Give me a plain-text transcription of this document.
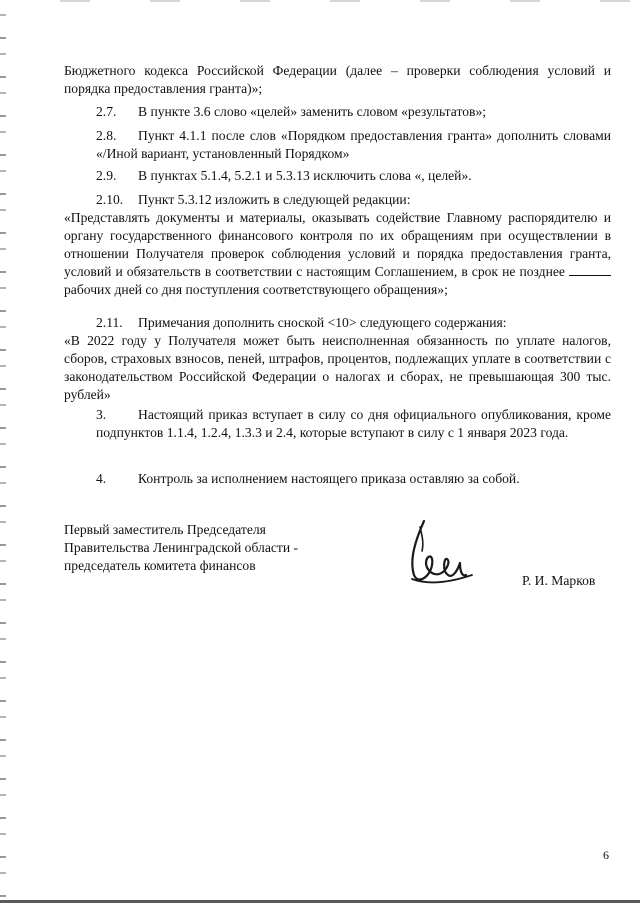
Бюджетного кодекса Российской Федерации (далее – проверки соблюдения условий и порядка предоставления гранта)»;

2.7. В пункте 3.6 слово «целей» заменить словом «результатов»;

2.8. Пункт 4.1.1 после слов «Порядком предоставления гранта» дополнить словами «/Иной вариант, установленный Порядком»

2.9. В пунктах 5.1.4, 5.2.1 и 5.3.13 исключить слова «, целей».

2.10. Пункт 5.3.12 изложить в следующей редакции:

«Представлять документы и материалы, оказывать содействие Главному распорядителю и органу государственного финансового контроля по их обращениям при осуществлении в отношении Получателя проверок соблюдения условий и порядка предоставления гранта, условий и обязательств в соответствии с настоящим Соглашением, в срок не позднее  рабочих дней со дня поступления соответствующего обращения»;

2.11. Примечания дополнить сноской <10> следующего содержания:

«В 2022 году у Получателя может быть неисполненная обязанность по уплате налогов, сборов, страховых взносов, пеней, штрафов, процентов, подлежащих уплате в соответствии с законодательством Российской Федерации о налогах и сборах, не превышающая 300 тыс. рублей»

3. Настоящий приказ вступает в силу со дня официального опубликования, кроме подпунктов 1.1.4, 1.2.4, 1.3.3 и 2.4, которые вступают в силу с 1 января 2023 года.

4. Контроль за исполнением настоящего приказа оставляю за собой.

Первый заместитель Председателя
Правительства Ленинградской области -
председатель комитета финансов
Р. И. Марков
6
